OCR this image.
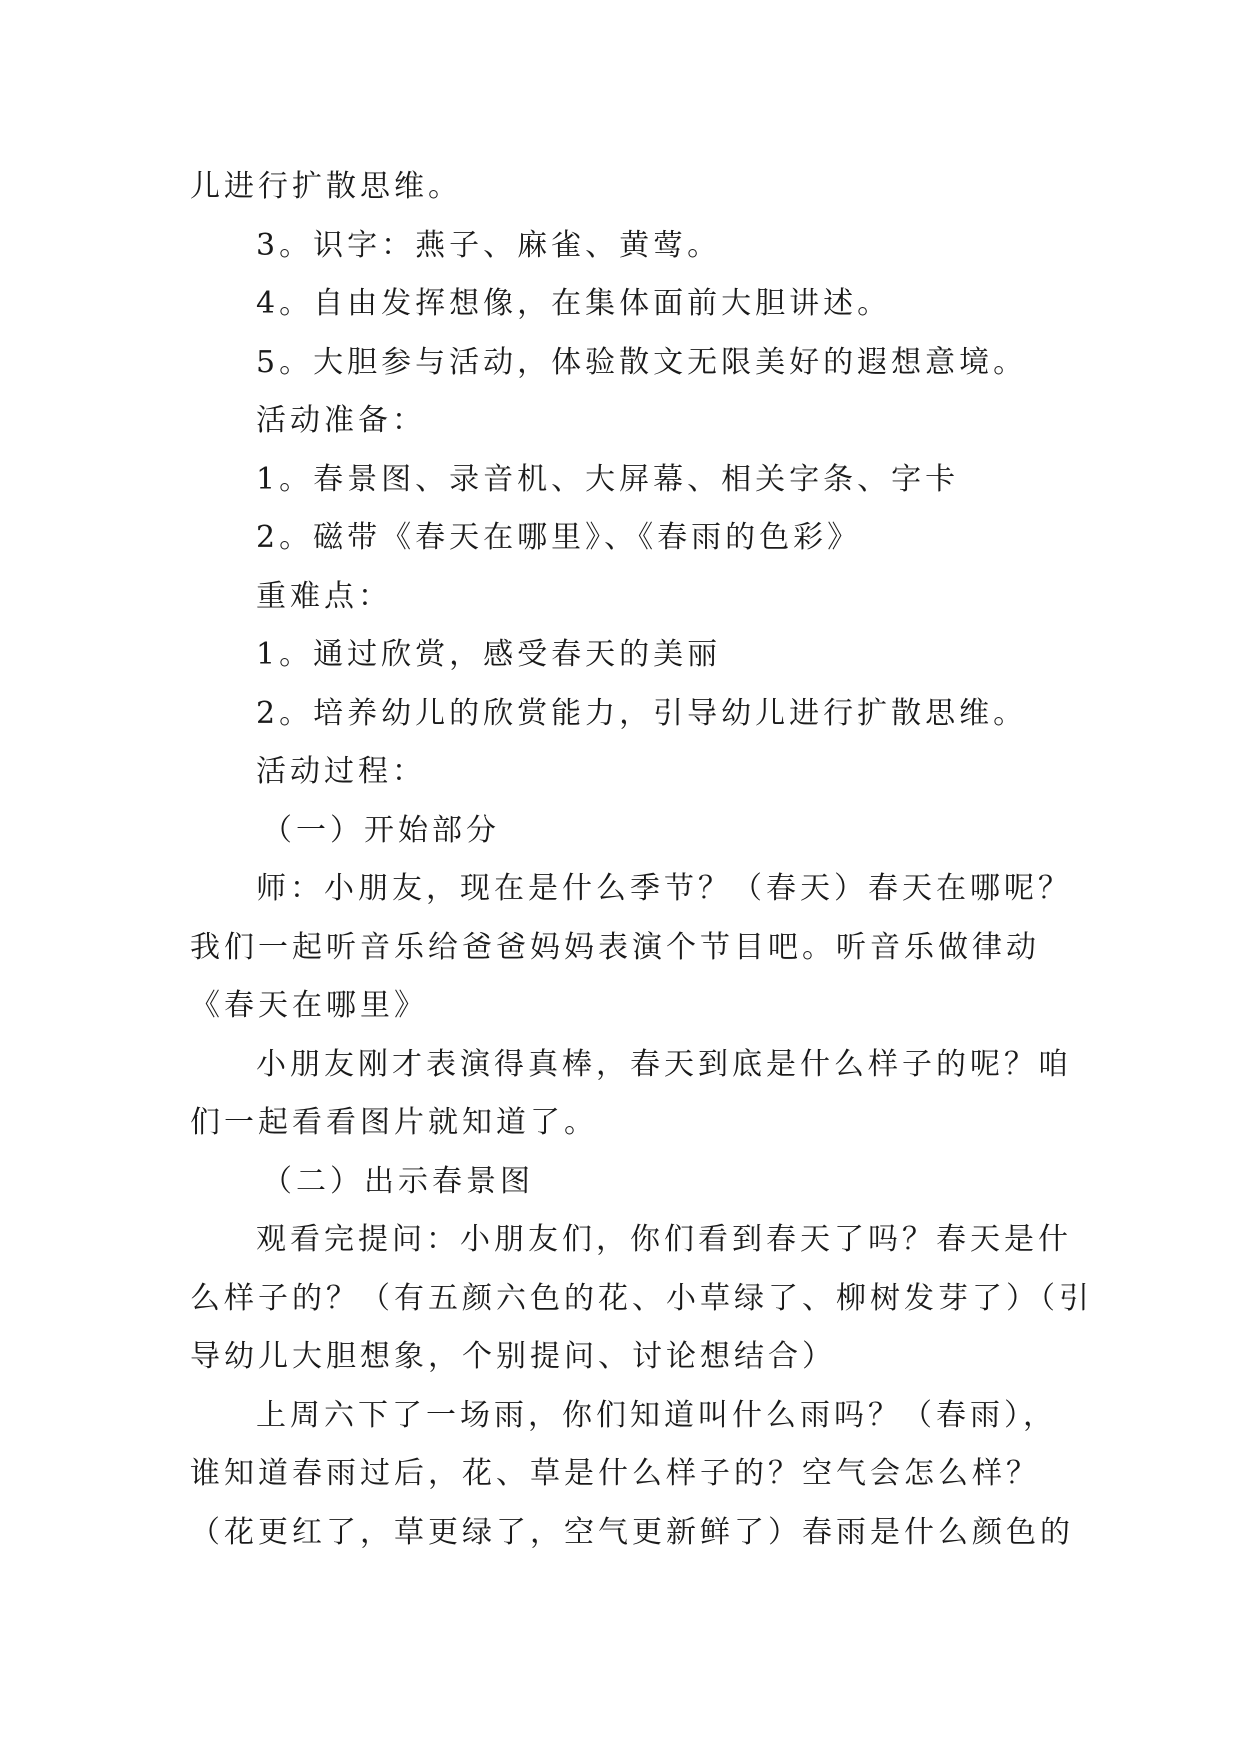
儿进行扩散思维。
3。识字：燕子、麻雀、黄莺。
4。自由发挥想像，在集体面前大胆讲述。
5。大胆参与活动，体验散文无限美好的遐想意境。
活动准备：
1。春景图、录音机、大屏幕、相关字条、字卡
2。磁带《春天在哪里》、《春雨的色彩》
重难点：
1。通过欣赏，感受春天的美丽
2。培养幼儿的欣赏能力，引导幼儿进行扩散思维。
活动过程：
（一）开始部分
师：小朋友，现在是什么季节？（春天）春天在哪呢？
我们一起听音乐给爸爸妈妈表演个节目吧。听音乐做律动
《春天在哪里》
小朋友刚才表演得真棒，春天到底是什么样子的呢？咱
们一起看看图片就知道了。
（二）出示春景图
观看完提问：小朋友们，你们看到春天了吗？春天是什
么样子的？（有五颜六色的花、小草绿了、柳树发芽了）（引
导幼儿大胆想象，个别提问、讨论想结合）
上周六下了一场雨，你们知道叫什么雨吗？（春雨），
谁知道春雨过后，花、草是什么样子的？空气会怎么样？
（花更红了，草更绿了，空气更新鲜了）春雨是什么颜色的
